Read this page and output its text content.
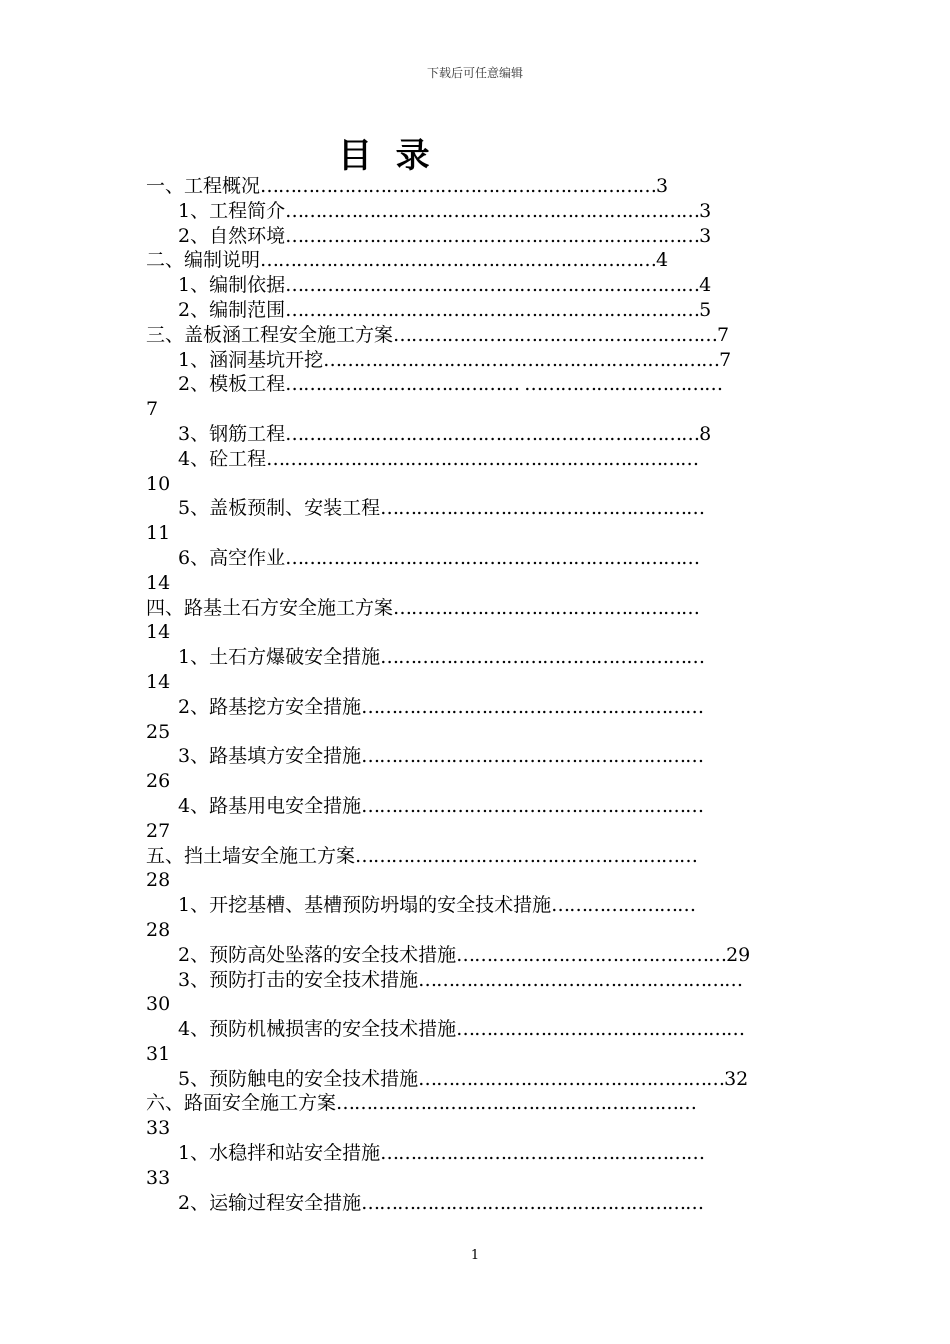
下载后可任意编辑
目  录
一、工程概况…………………………………………………………3
1、工程简介……………………………………………………………3
2、自然环境……………………………………………………………3
二、编制说明…………………………………………………………4
1、编制依据……………………………………………………………4
2、编制范围……………………………………………………………5
三、盖板涵工程安全施工方案………………………………………………7
1、涵洞基坑开挖…………………………………………………………7
2、模板工程………………………………… ……………………………
7
3、钢筋工程……………………………………………………………8
4、砼工程………………………………………………………………
10
5、盖板预制、安装工程………………………………………………
11
6、高空作业……………………………………………………………
14
四、路基土石方安全施工方案……………………………………………
14
1、土石方爆破安全措施………………………………………………
14
2、路基挖方安全措施…………………………………………………
25
3、路基填方安全措施…………………………………………………
26
4、路基用电安全措施…………………………………………………
27
五、挡土墙安全施工方案…………………………………………………
28
1、开挖基槽、基槽预防坍塌的安全技术措施……………………
28
2、预防高处坠落的安全技术措施………………………………………29
3、预防打击的安全技术措施………………………………………………
30
4、预防机械损害的安全技术措施…………………………………………
31
5、预防触电的安全技术措施……………………………………………32
六、路面安全施工方案……………………………………………………
33
1、水稳拌和站安全措施………………………………………………
33
2、运输过程安全措施…………………………………………………
1
